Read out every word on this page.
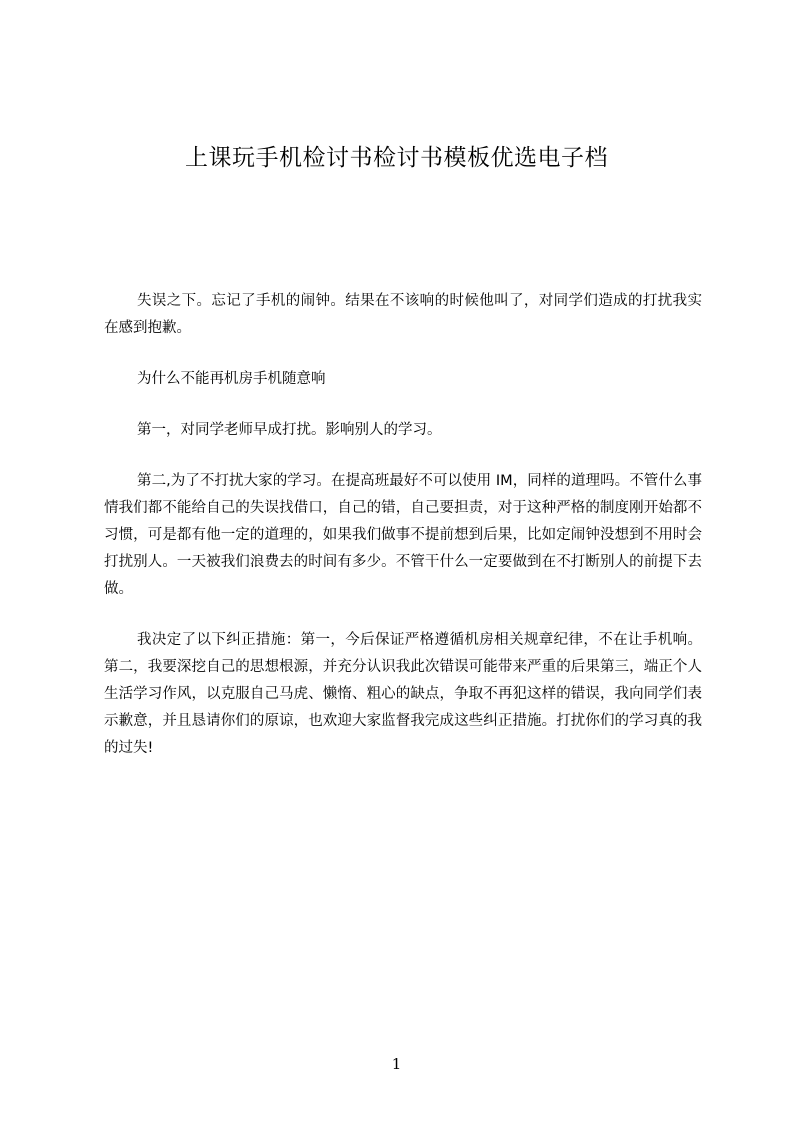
上课玩手机检讨书检讨书模板优选电子档

失误之下。忘记了手机的闹钟。结果在不该响的时候他叫了，对同学们造成的打扰我实在感到抱歉。

为什么不能再机房手机随意响

第一，对同学老师早成打扰。影响别人的学习。

第二,为了不打扰大家的学习。在提高班最好不可以使用 IM，同样的道理吗。不管什么事情我们都不能给自己的失误找借口，自己的错，自己要担责，对于这种严格的制度刚开始都不习惯，可是都有他一定的道理的，如果我们做事不提前想到后果，比如定闹钟没想到不用时会打扰别人。一天被我们浪费去的时间有多少。不管干什么一定要做到在不打断别人的前提下去做。

我决定了以下纠正措施：第一，今后保证严格遵循机房相关规章纪律，不在让手机响。第二，我要深挖自己的思想根源，并充分认识我此次错误可能带来严重的后果第三，端正个人生活学习作风，以克服自己马虎、懒惰、粗心的缺点，争取不再犯这样的错误，我向同学们表示歉意，并且恳请你们的原谅，也欢迎大家监督我完成这些纠正措施。打扰你们的学习真的我的过失!

1
